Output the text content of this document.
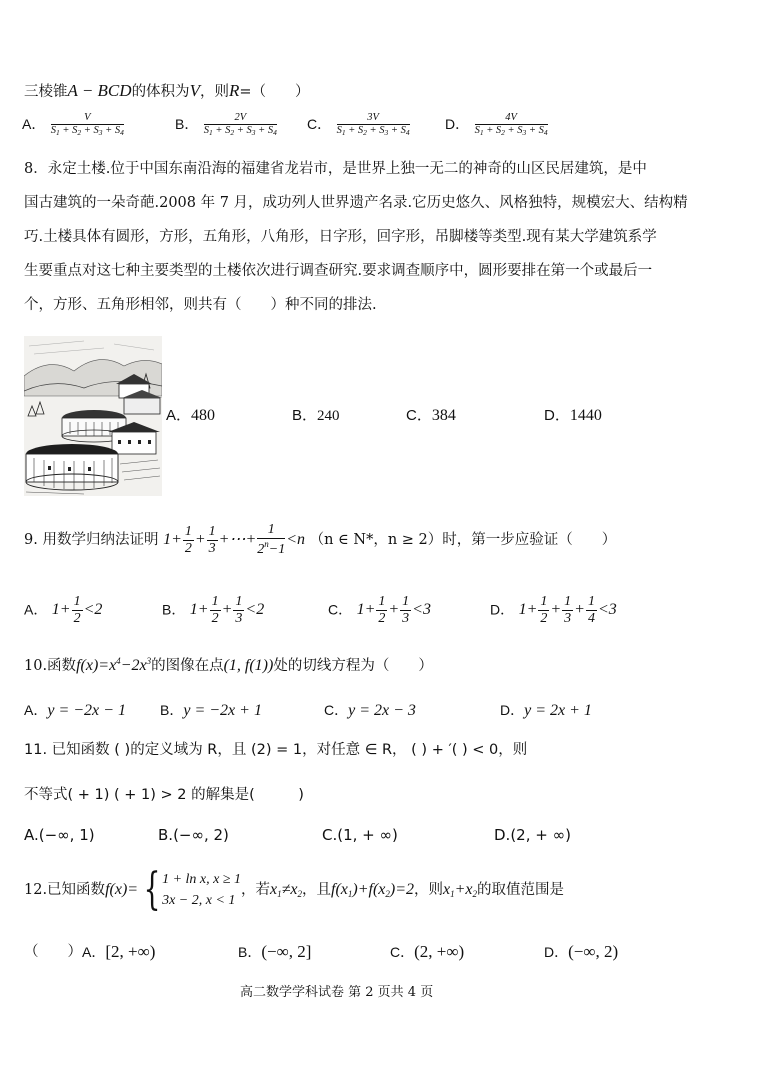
三棱锥A − BCD的体积为V，则R=（　　）
A． $\frac{V}{S_1 + S_2 + S_3 + S_4}$	B． $\frac{2V}{S_1 + S_2 + S_3 + S_4}$ C． $\frac{3V}{S_1 + S_2 + S_3 + S_4}$	D． $\frac{4V}{S_1 + S_2 + S_3 + S_4}$
8．永定土楼.位于中国东南沿海的福建省龙岩市，是世界上独一无二的神奇的山区民居建筑，是中
国古建筑的一朵奇葩.2008 年 7 月，成功列人世界遗产名录.它历史悠久、风格独特，规模宏大、结构精
巧.土楼具体有圆形，方形，五角形，八角形，日字形，回字形，吊脚楼等类型.现有某大学建筑系学
生要重点对这七种主要类型的土楼依次进行调查研究.要求调查顺序中，圆形要排在第一个或最后一
个，方形、五角形相邻，则共有（　　）种不同的排法.
A．480	B．240	C．384	D．1440
9. 用数学归纳法证明 $1+ \frac{1}{2} + \frac{1}{3}$ +⋯+ $\frac{1}{2^n-1} <n$ （n ∈ N*，n ≥ 2）时，第一步应验证（　　）
A． $1+ \frac{1}{2} <2$	B． $1+ \frac{1}{2} + \frac{1}{3} <2$	C． $1+ \frac{1}{2} + \frac{1}{3} <3$	D． $1+ \frac{1}{2} + \frac{1}{3} + \frac{1}{4} <3$
10.函数$f(x)=x^4-2x^3$的图像在点(1, f(1))处的切线方程为（　　）
A．y = −2x − 1 B．y = −2x + 1	C．y = 2x − 3	D．y = 2x + 1
11. 已知函数 ( )的定义域为 R，且 (2) = 1，对任意 ∈ R， ( ) + ′( ) < 0，则
不等式( + 1) ( + 1) > 2 的解集是(　　　)
A.(−∞, 1)	B.(−∞, 2)	C.(1, + ∞)	D.(2, + ∞)
12.已知函数f(x)= { 1 + ln x, x ≥ 1
3x − 2, x < 1
，若$x_1\ne x_2$，且$f(x_1)+f(x_2)=2$，则$x_1+x_2$的取值范围是
（　　） A．[2, +∞)	B．(−∞, 2]	C．(2, +∞)	D．(−∞, 2)
高二数学学科试卷 第 2 页共 4 页
